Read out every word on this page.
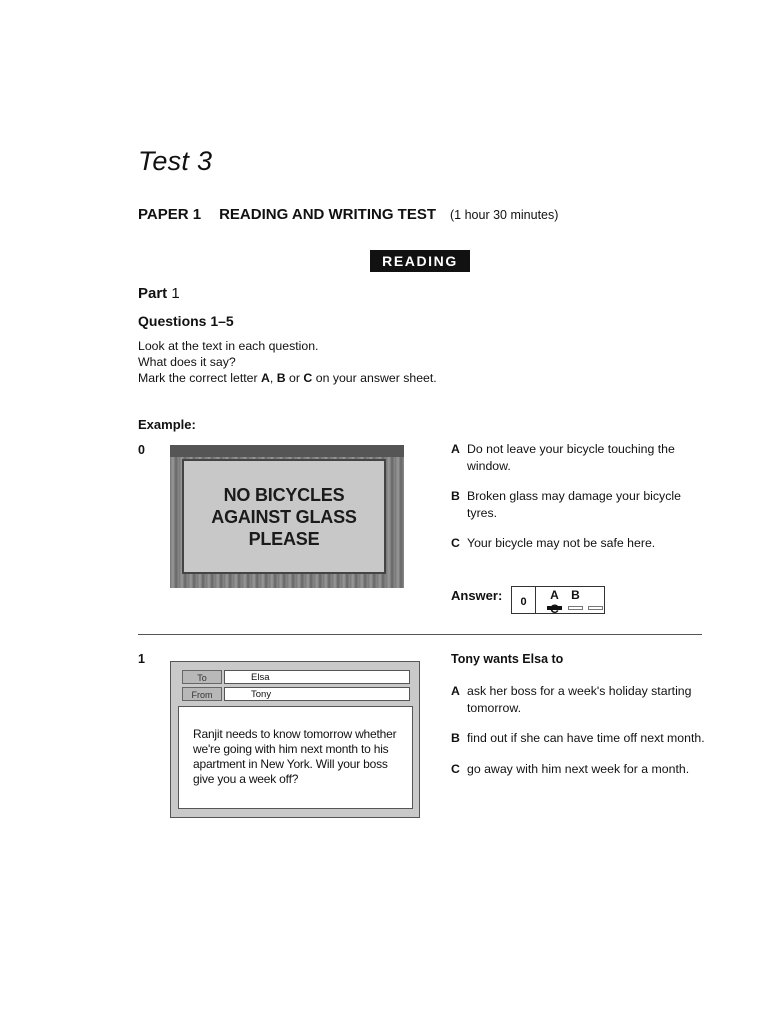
Test 3
PAPER 1 READING AND WRITING TEST (1 hour 30 minutes)
READING
Part 1
Questions 1–5
Look at the text in each question.
What does it say?
Mark the correct letter A, B or C on your answer sheet.
Example:
0
NO BICYCLES
AGAINST GLASS
PLEASE
A Do not leave your bicycle touching the window.
B Broken glass may damage your bicycle tyres.
C Your bicycle may not be safe here.
Answer:	0	A B
1
To	Elsa
From	Tony
Ranjit needs to know tomorrow whether we're going with him next month to his apartment in New York. Will your boss give you a week off?
Tony wants Elsa to
A ask her boss for a week's holiday starting tomorrow.
B find out if she can have time off next month.
C go away with him next week for a month.
